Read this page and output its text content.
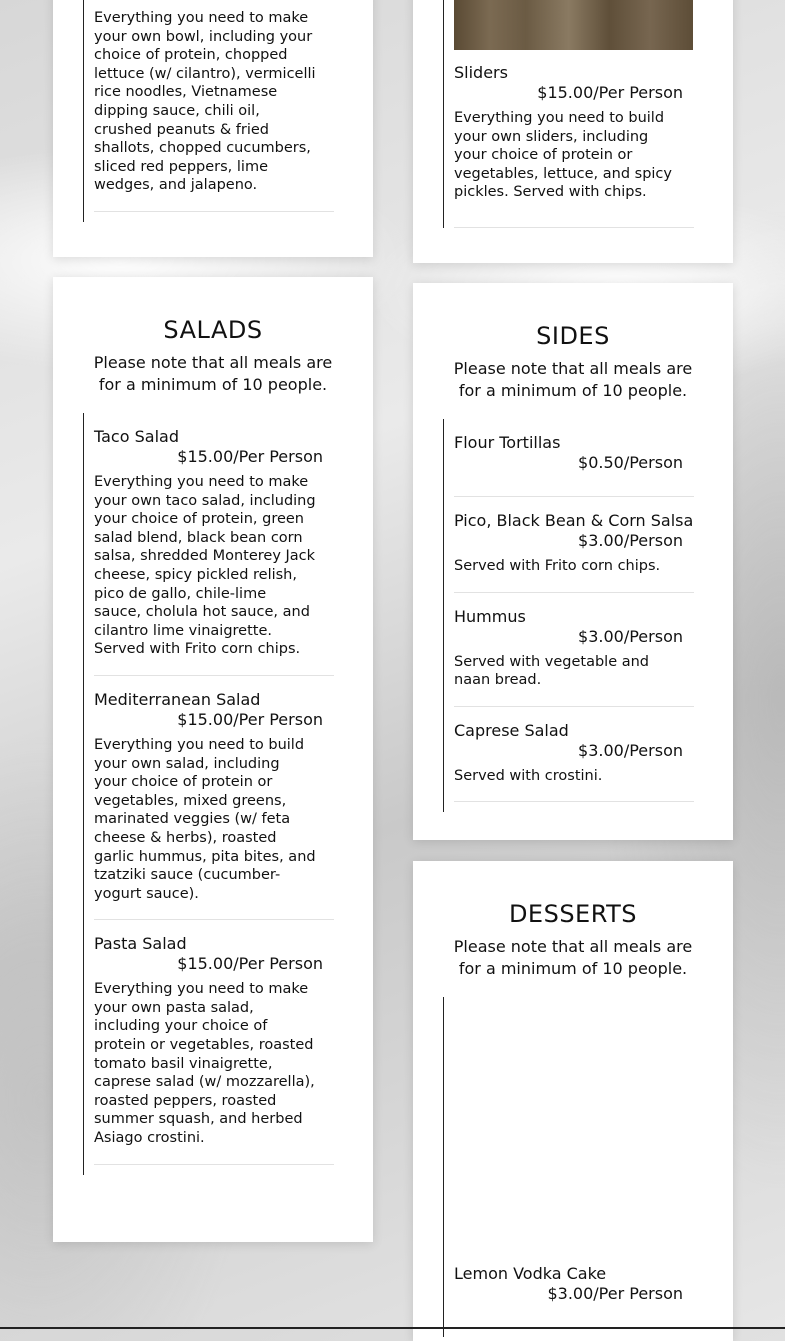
Everything you need to make your own bowl, including your choice of protein, chopped lettuce (w/ cilantro), vermicelli rice noodles, Vietnamese dipping sauce, chili oil, crushed peanuts & fried shallots, chopped cucumbers, sliced red peppers, lime wedges, and jalapeno.
Sliders
$15.00/Per Person
Everything you need to build your own sliders, including your choice of protein or vegetables, lettuce, and spicy pickles. Served with chips.
SALADS
Please note that all meals are for a minimum of 10 people.
Taco Salad
$15.00/Per Person
Everything you need to make your own taco salad, including your choice of protein, green salad blend, black bean corn salsa, shredded Monterey Jack cheese, spicy pickled relish, pico de gallo, chile-lime sauce, cholula hot sauce, and cilantro lime vinaigrette. Served with Frito corn chips.
Mediterranean Salad
$15.00/Per Person
Everything you need to build your own salad, including your choice of protein or vegetables, mixed greens, marinated veggies (w/ feta cheese & herbs), roasted garlic hummus, pita bites, and tzatziki sauce (cucumber-yogurt sauce).
Pasta Salad
$15.00/Per Person
Everything you need to make your own pasta salad, including your choice of protein or vegetables, roasted tomato basil vinaigrette, caprese salad (w/ mozzarella), roasted peppers, roasted summer squash, and herbed Asiago crostini.
SIDES
Please note that all meals are for a minimum of 10 people.
Flour Tortillas
$0.50/Person
Pico, Black Bean & Corn Salsa
$3.00/Person
Served with Frito corn chips.
Hummus
$3.00/Person
Served with vegetable and naan bread.
Caprese Salad
$3.00/Person
Served with crostini.
DESSERTS
Please note that all meals are for a minimum of 10 people.
Lemon Vodka Cake
$3.00/Per Person
